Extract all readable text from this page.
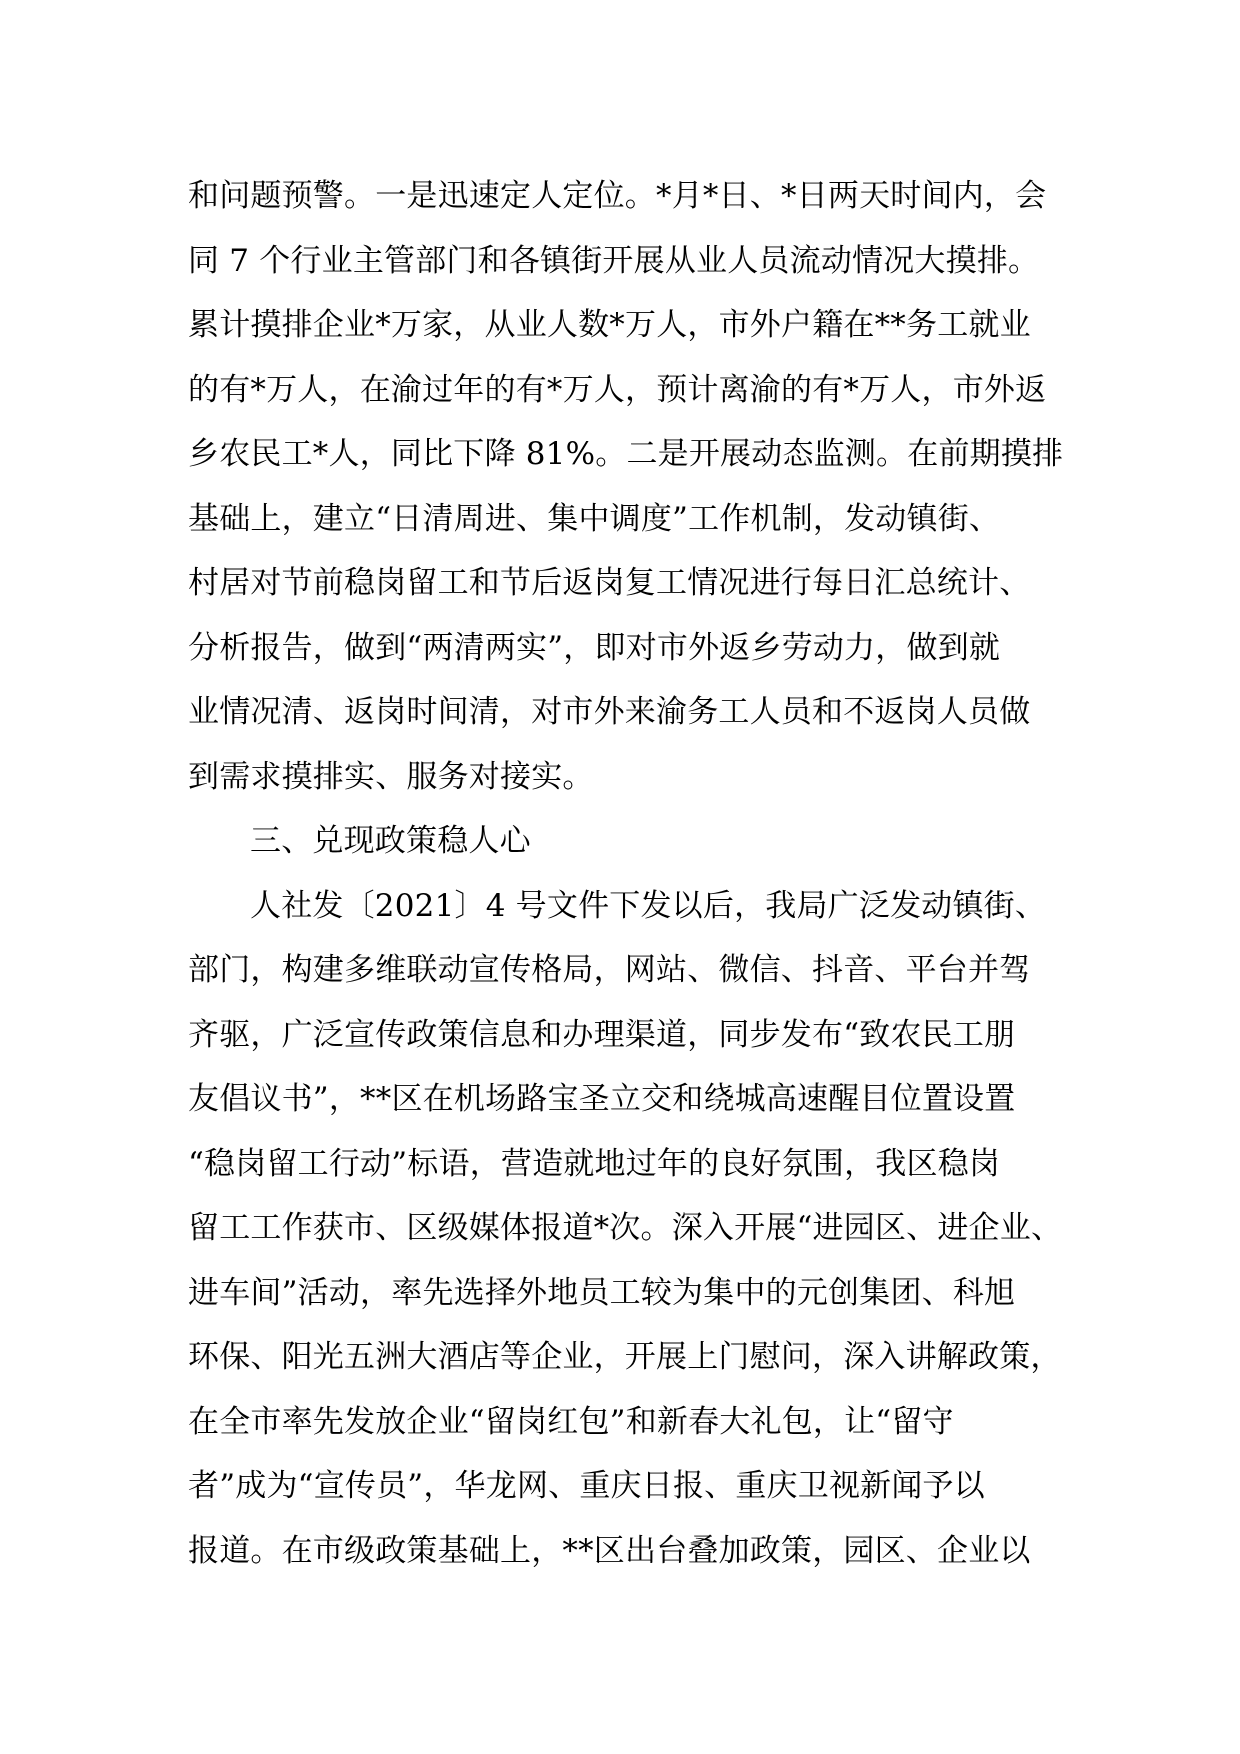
和问题预警。一是迅速定人定位。*月*日、*日两天时间内，会
同 7 个行业主管部门和各镇街开展从业人员流动情况大摸排。
累计摸排企业*万家，从业人数*万人，市外户籍在**务工就业
的有*万人，在渝过年的有*万人，预计离渝的有*万人，市外返
乡农民工*人，同比下降 81%。二是开展动态监测。在前期摸排
基础上，建立“日清周进、集中调度”工作机制，发动镇街、
村居对节前稳岗留工和节后返岗复工情况进行每日汇总统计、
分析报告，做到“两清两实”，即对市外返乡劳动力，做到就
业情况清、返岗时间清，对市外来渝务工人员和不返岗人员做
到需求摸排实、服务对接实。
三、兑现政策稳人心
人社发〔2021〕4 号文件下发以后，我局广泛发动镇街、
部门，构建多维联动宣传格局，网站、微信、抖音、平台并驾
齐驱，广泛宣传政策信息和办理渠道，同步发布“致农民工朋
友倡议书”，**区在机场路宝圣立交和绕城高速醒目位置设置
“稳岗留工行动”标语，营造就地过年的良好氛围，我区稳岗
留工工作获市、区级媒体报道*次。深入开展“进园区、进企业、
进车间”活动，率先选择外地员工较为集中的元创集团、科旭
环保、阳光五洲大酒店等企业，开展上门慰问，深入讲解政策，
在全市率先发放企业“留岗红包”和新春大礼包，让“留守
者”成为“宣传员”，华龙网、重庆日报、重庆卫视新闻予以
报道。在市级政策基础上，**区出台叠加政策，园区、企业以
